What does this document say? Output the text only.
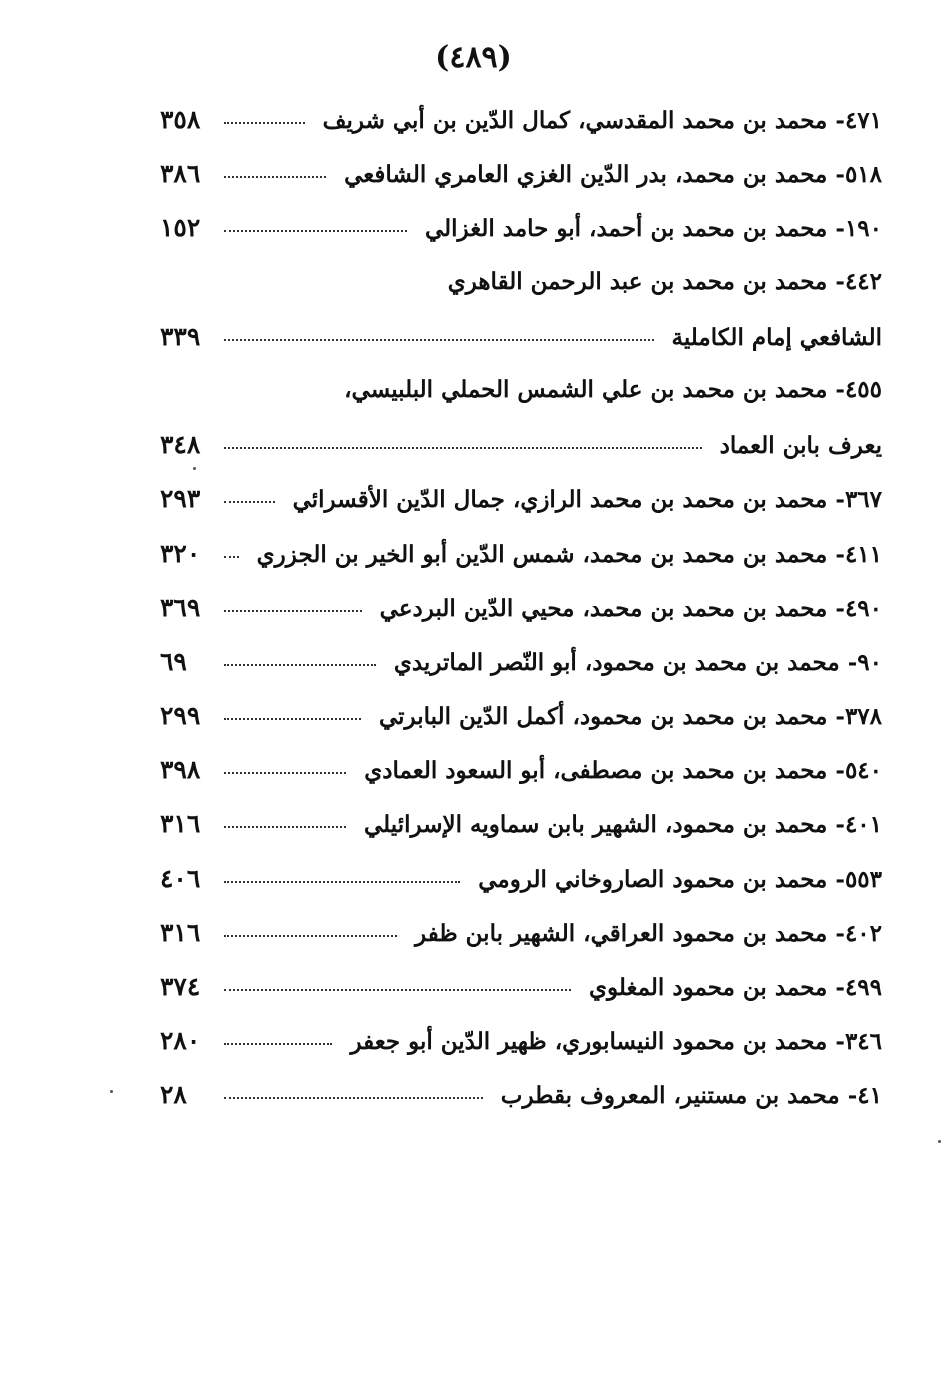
(٤٨٩)
٤٧١- محمد بن محمد المقدسي، كمال الدّين بن أبي شريف
٣٥٨
٥١٨- محمد بن محمد، بدر الدّين الغزي العامري الشافعي
٣٨٦
١٩٠- محمد بن محمد بن أحمد، أبو حامد الغزالي
١٥٢
٤٤٢- محمد بن محمد بن عبد الرحمن القاهري
الشافعي إمام الكاملية
٣٣٩
٤٥٥- محمد بن محمد بن علي الشمس الحملي البلبيسي،
يعرف بابن العماد
٣٤٨
٣٦٧- محمد بن محمد بن محمد الرازي، جمال الدّين الأقسرائي
٢٩٣
٤١١- محمد بن محمد بن محمد، شمس الدّين أبو الخير بن الجزري
٣٢٠
٤٩٠- محمد بن محمد بن محمد، محيي الدّين البردعي
٣٦٩
٩٠- محمد بن محمد بن محمود، أبو النّصر الماتريدي
٦٩
٣٧٨- محمد بن محمد بن محمود، أكمل الدّين البابرتي
٢٩٩
٥٤٠- محمد بن محمد بن مصطفى، أبو السعود العمادي
٣٩٨
٤٠١- محمد بن محمود، الشهير بابن سماويه الإسرائيلي
٣١٦
٥٥٣- محمد بن محمود الصاروخاني الرومي
٤٠٦
٤٠٢- محمد بن محمود العراقي، الشهير بابن ظفر
٣١٦
٤٩٩- محمد بن محمود المغلوي
٣٧٤
٣٤٦- محمد بن محمود النيسابوري، ظهير الدّين أبو جعفر
٢٨٠
٤١- محمد بن مستنير، المعروف بقطرب
٢٨
